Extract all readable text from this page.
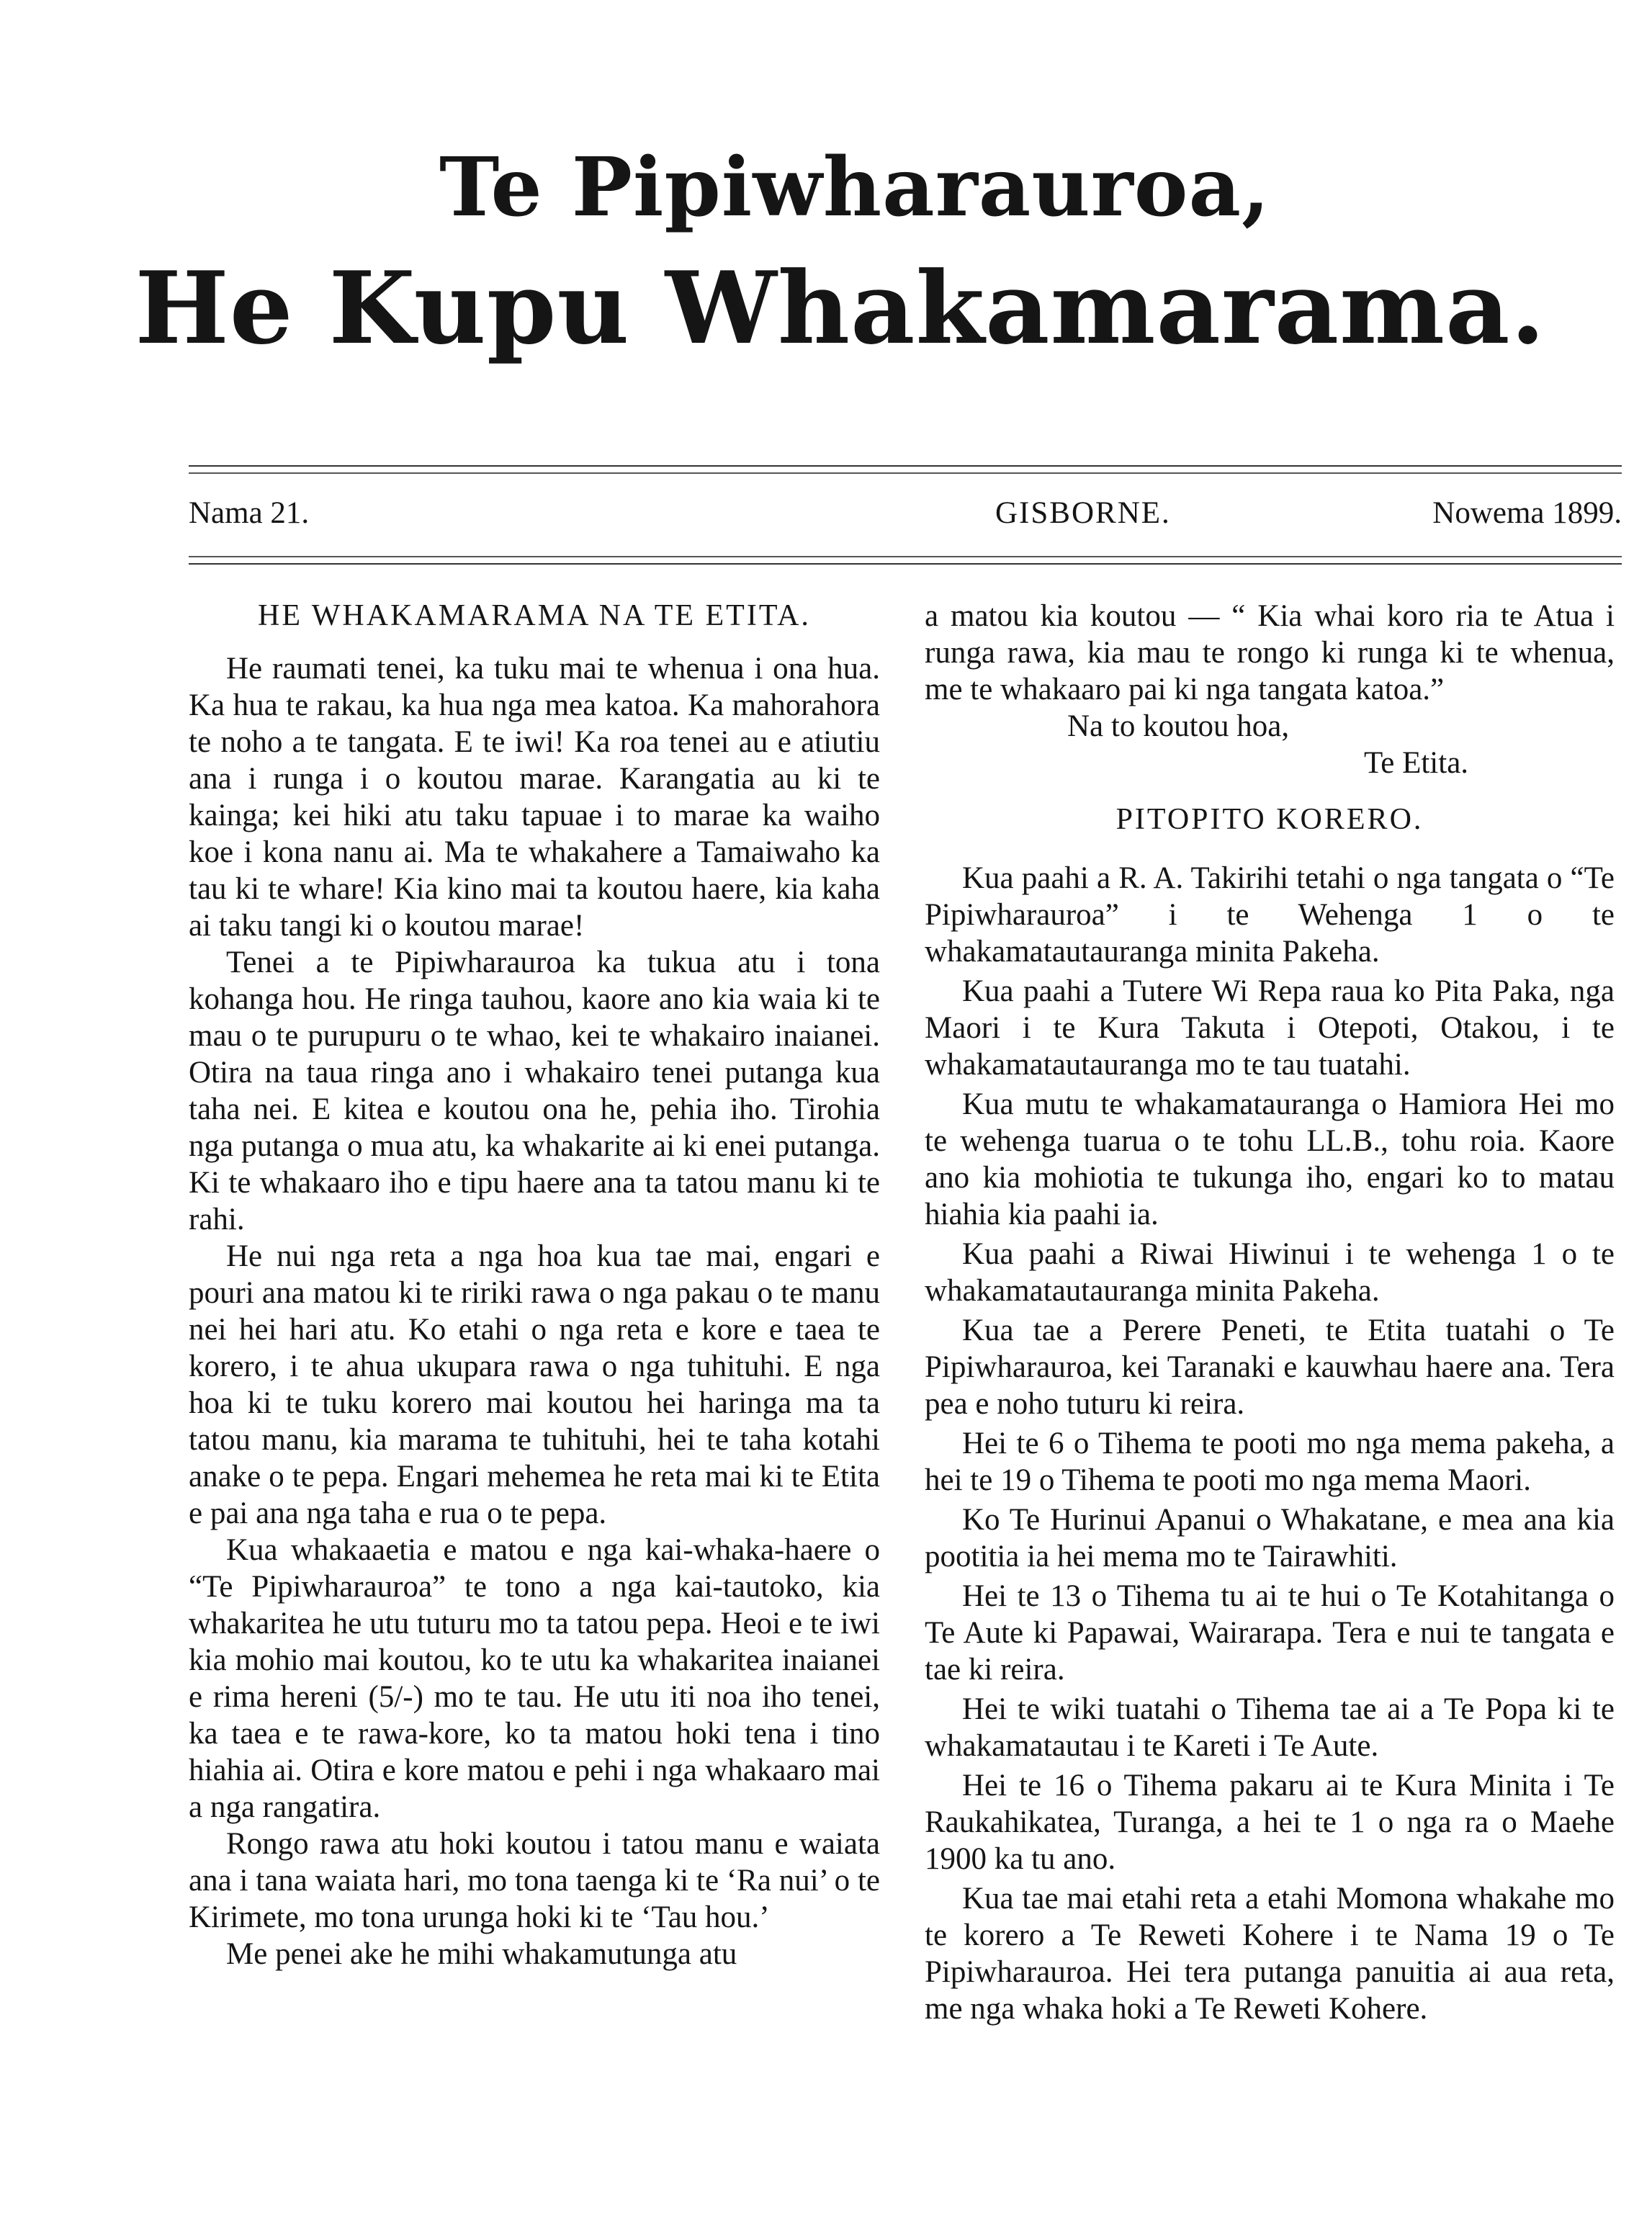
Te Pipiwharauroa,
He Kupu Whakamarama.
Nama 21.	GISBORNE.	Nowema 1899.
HE WHAKAMARAMA NA TE ETITA.

He raumati tenei, ka tuku mai te whenua i ona hua. Ka hua te rakau, ka hua nga mea katoa. Ka mahorahora te noho a te tangata. E te iwi! Ka roa tenei au e atiutiu ana i runga i o koutou marae. Karangatia au ki te kainga; kei hiki atu taku tapuae i to marae ka waiho koe i kona nanu ai. Ma te whakahere a Tamaiwaho ka tau ki te whare! Kia kino mai ta koutou haere, kia kaha ai taku tangi ki o koutou marae!

Tenei a te Pipiwharauroa ka tukua atu i tona kohanga hou. He ringa tauhou, kaore ano kia waia ki te mau o te purupuru o te whao, kei te whakairo inaianei. Otira na taua ringa ano i whakairo tenei putanga kua taha nei. E kitea e koutou ona he, pehia iho. Tirohia nga putanga o mua atu, ka whakarite ai ki enei putanga. Ki te whakaaro iho e tipu haere ana ta tatou manu ki te rahi.

He nui nga reta a nga hoa kua tae mai, engari e pouri ana matou ki te ririki rawa o nga pakau o te manu nei hei hari atu. Ko etahi o nga reta e kore e taea te korero, i te ahua ukupara rawa o nga tuhituhi. E nga hoa ki te tuku korero mai koutou hei haringa ma ta tatou manu, kia marama te tuhituhi, hei te taha kotahi anake o te pepa. Engari mehemea he reta mai ki te Etita e pai ana nga taha e rua o te pepa.

Kua whakaaetia e matou e nga kai-whaka-haere o “Te Pipiwharauroa” te tono a nga kai-tautoko, kia whakaritea he utu tuturu mo ta tatou pepa. Heoi e te iwi kia mohio mai koutou, ko te utu ka whakaritea inaianei e rima hereni (5/-) mo te tau. He utu iti noa iho tenei, ka taea e te rawa-kore, ko ta matou hoki tena i tino hiahia ai. Otira e kore matou e pehi i nga whakaaro mai a nga rangatira.

Rongo rawa atu hoki koutou i tatou manu e waiata ana i tana waiata hari, mo tona taenga ki te ‘Ra nui’ o te Kirimete, mo tona urunga hoki ki te ‘Tau hou.’

Me penei ake he mihi whakamutunga atu

a matou kia koutou — “ Kia whai koro ria te Atua i runga rawa, kia mau te rongo ki runga ki te whenua, me te whakaaro pai ki nga tangata katoa.”

Na to koutou hoa,

Te Etita.

PITOPITO KORERO.

Kua paahi a R. A. Takirihi tetahi o nga tangata o “Te Pipiwharauroa” i te Wehenga 1 o te whakamatautauranga minita Pakeha.

Kua paahi a Tutere Wi Repa raua ko Pita Paka, nga Maori i te Kura Takuta i Otepoti, Otakou, i te whakamatautauranga mo te tau tuatahi.

Kua mutu te whakamatauranga o Hamiora Hei mo te wehenga tuarua o te tohu LL.B., tohu roia. Kaore ano kia mohiotia te tukunga iho, engari ko to matau hiahia kia paahi ia.

Kua paahi a Riwai Hiwinui i te wehenga 1 o te whakamatautauranga minita Pakeha.

Kua tae a Perere Peneti, te Etita tuatahi o Te Pipiwharauroa, kei Taranaki e kauwhau haere ana. Tera pea e noho tuturu ki reira.

Hei te 6 o Tihema te pooti mo nga mema pakeha, a hei te 19 o Tihema te pooti mo nga mema Maori.

Ko Te Hurinui Apanui o Whakatane, e mea ana kia pootitia ia hei mema mo te Tairawhiti.

Hei te 13 o Tihema tu ai te hui o Te Kotahitanga o Te Aute ki Papawai, Wairarapa. Tera e nui te tangata e tae ki reira.

Hei te wiki tuatahi o Tihema tae ai a Te Popa ki te whakamatautau i te Kareti i Te Aute.

Hei te 16 o Tihema pakaru ai te Kura Minita i Te Raukahikatea, Turanga, a hei te 1 o nga ra o Maehe 1900 ka tu ano.

Kua tae mai etahi reta a etahi Momona whakahe mo te korero a Te Reweti Kohere i te Nama 19 o Te Pipiwharauroa. Hei tera putanga panuitia ai aua reta, me nga whaka hoki a Te Reweti Kohere.
